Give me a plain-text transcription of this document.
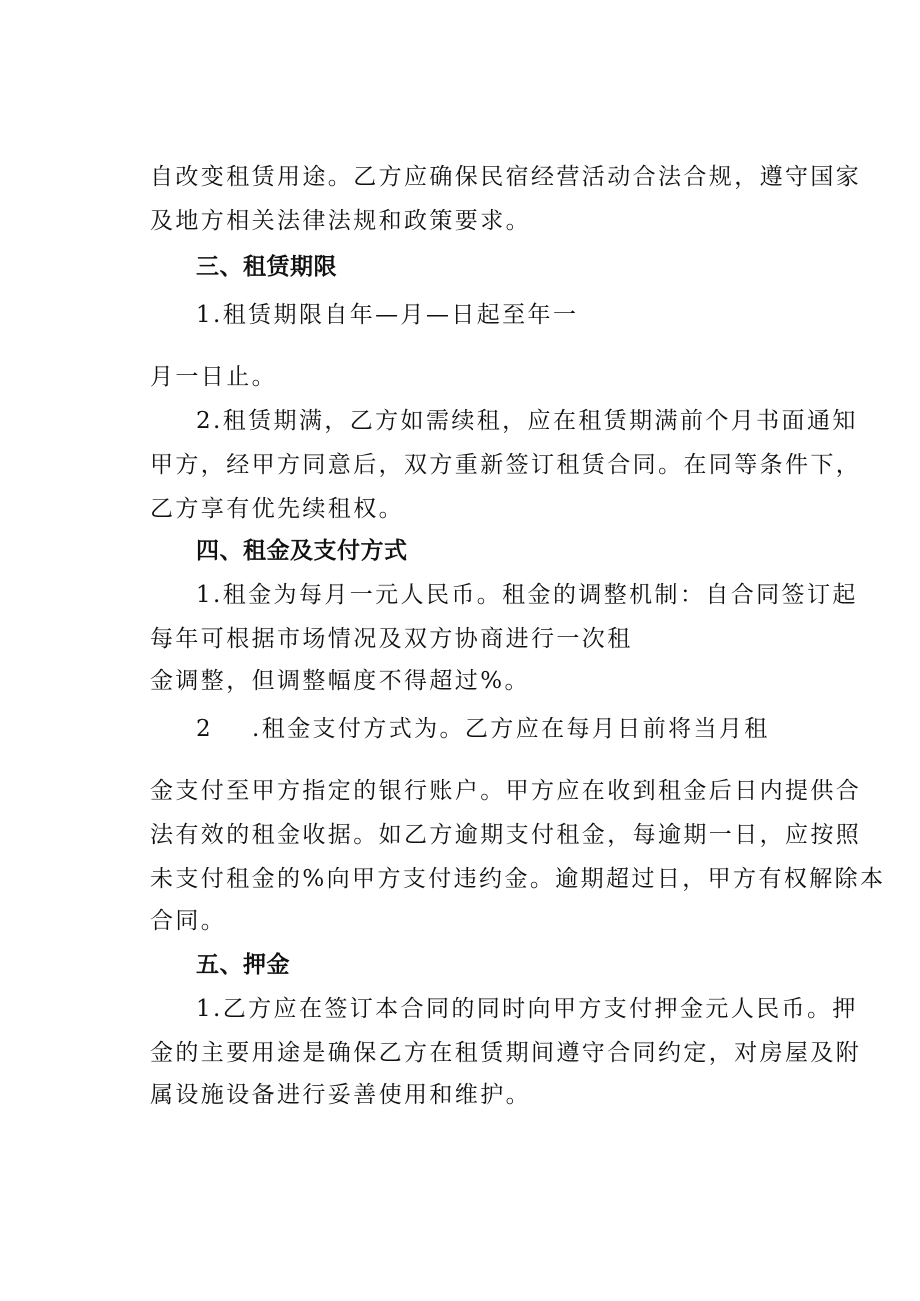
自改变租赁用途。乙方应确保民宿经营活动合法合规，遵守国家

及地方相关法律法规和政策要求。

三、租赁期限

1.租赁期限自年—月—日起至年一

月一日止。

2.租赁期满，乙方如需续租，应在租赁期满前个月书面通知

甲方，经甲方同意后，双方重新签订租赁合同。在同等条件下，

乙方享有优先续租权。

四、租金及支付方式

1.租金为每月一元人民币。租金的调整机制：自合同签订起

每年可根据市场情况及双方协商进行一次租

金调整，但调整幅度不得超过%。

2 .租金支付方式为。乙方应在每月日前将当月租

金支付至甲方指定的银行账户。甲方应在收到租金后日内提供合

法有效的租金收据。如乙方逾期支付租金，每逾期一日，应按照

未支付租金的%向甲方支付违约金。逾期超过日，甲方有权解除本

合同。

五、押金

1.乙方应在签订本合同的同时向甲方支付押金元人民币。押

金的主要用途是确保乙方在租赁期间遵守合同约定，对房屋及附

属设施设备进行妥善使用和维护。
